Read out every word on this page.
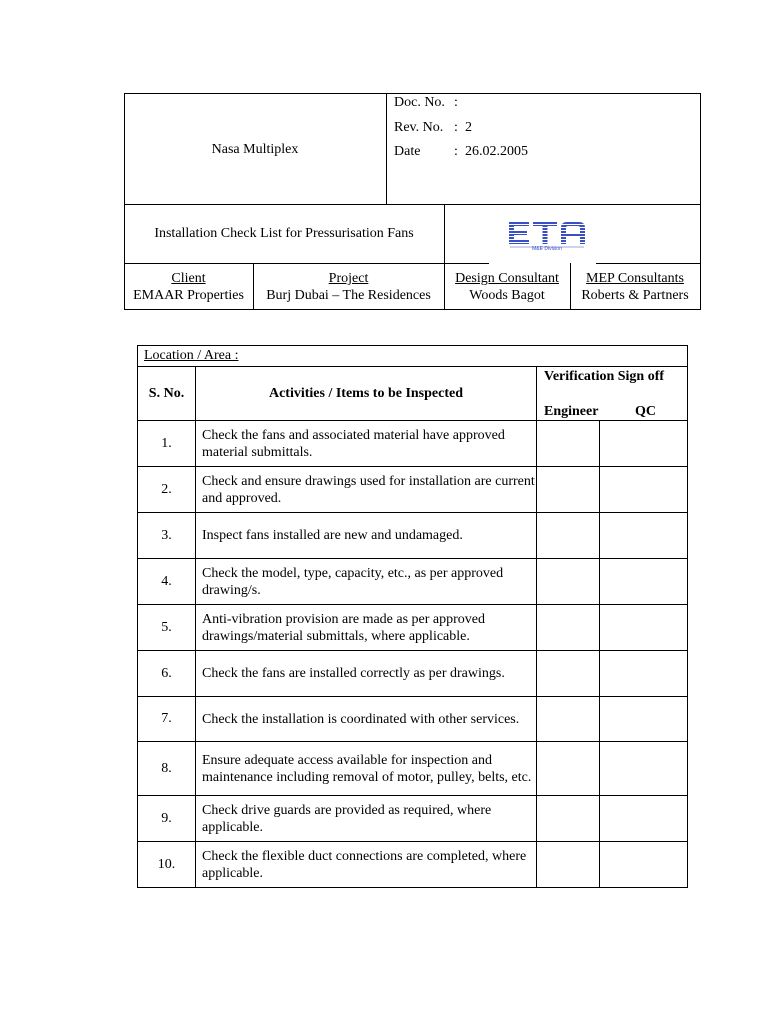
Nasa Multiplex
Doc. No. :
Rev. No. : 2
Date : 26.02.2005
Installation Check List for Pressurisation Fans
M&E Division
Client
EMAAR Properties
Project
Burj Dubai – The Residences
Design Consultant
Woods Bagot
MEP Consultants
Roberts & Partners
Location / Area :			
S. No.	Activities / Items to be Inspected	Verification Sign off
Engineer QC	

1.	Check the fans and associated material have approved material submittals.		
2.	Check and ensure drawings used for installation are current and approved.		
3.	Inspect fans installed are new and undamaged.		
4.	Check the model, type, capacity, etc., as per approved drawing/s.		
5.	Anti-vibration provision are made as per approved drawings/material submittals, where applicable.		
6.	Check the fans are installed correctly as per drawings.		
7.	Check the installation is coordinated with other services.		
8.	Ensure adequate access available for inspection and maintenance including removal of motor, pulley, belts, etc.		
9.	Check drive guards are provided as required, where applicable.		
10.	Check the flexible duct connections are completed, where applicable.		
